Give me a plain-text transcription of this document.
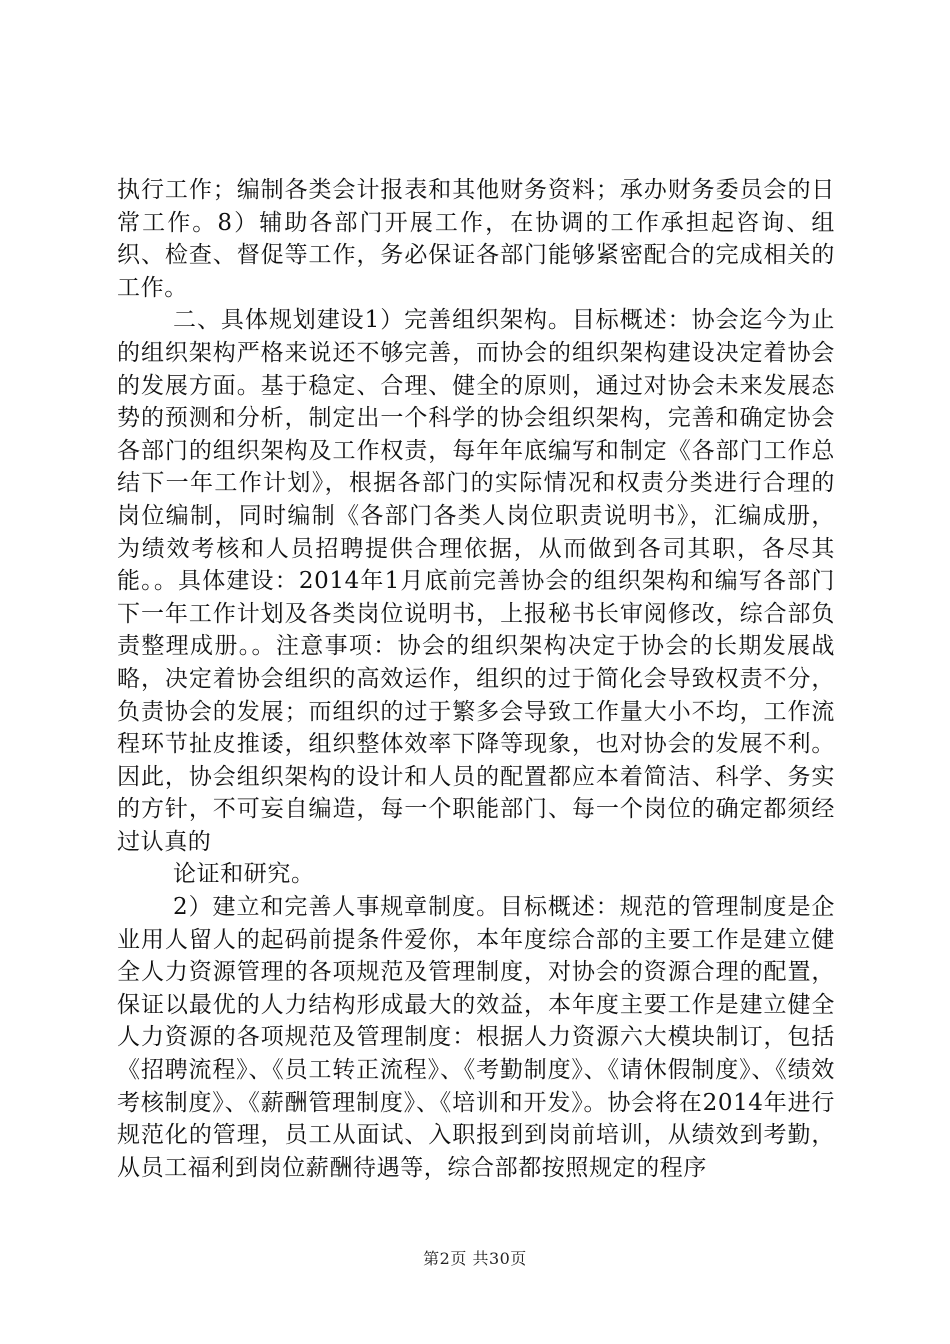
执行工作；编制各类会计报表和其他财务资料；承办财务委员会的日常工作。8）辅助各部门开展工作，在协调的工作承担起咨询、组织、检查、督促等工作，务必保证各部门能够紧密配合的完成相关的工作。

二、具体规划建设1）完善组织架构。目标概述：协会迄今为止的组织架构严格来说还不够完善，而协会的组织架构建设决定着协会的发展方面。基于稳定、合理、健全的原则，通过对协会未来发展态势的预测和分析，制定出一个科学的协会组织架构，完善和确定协会各部门的组织架构及工作权责，每年年底编写和制定《各部门工作总结下一年工作计划》，根据各部门的实际情况和权责分类进行合理的岗位编制，同时编制《各部门各类人岗位职责说明书》，汇编成册，为绩效考核和人员招聘提供合理依据，从而做到各司其职，各尽其能。。具体建设：2014年1月底前完善协会的组织架构和编写各部门下一年工作计划及各类岗位说明书，上报秘书长审阅修改，综合部负责整理成册。。注意事项：协会的组织架构决定于协会的长期发展战略，决定着协会组织的高效运作，组织的过于简化会导致权责不分，负责协会的发展；而组织的过于繁多会导致工作量大小不均，工作流程环节扯皮推诿，组织整体效率下降等现象，也对协会的发展不利。因此，协会组织架构的设计和人员的配置都应本着简洁、科学、务实的方针，不可妄自编造，每一个职能部门、每一个岗位的确定都须经过认真的

论证和研究。

2）建立和完善人事规章制度。目标概述：规范的管理制度是企业用人留人的起码前提条件爱你，本年度综合部的主要工作是建立健全人力资源管理的各项规范及管理制度，对协会的资源合理的配置，保证以最优的人力结构形成最大的效益，本年度主要工作是建立健全人力资源的各项规范及管理制度：根据人力资源六大模块制订，包括《招聘流程》、《员工转正流程》、《考勤制度》、《请休假制度》、《绩效考核制度》、《薪酬管理制度》、《培训和开发》。协会将在2014年进行规范化的管理，员工从面试、入职报到到岗前培训，从绩效到考勤，从员工福利到岗位薪酬待遇等，综合部都按照规定的程序

第2页 共30页
